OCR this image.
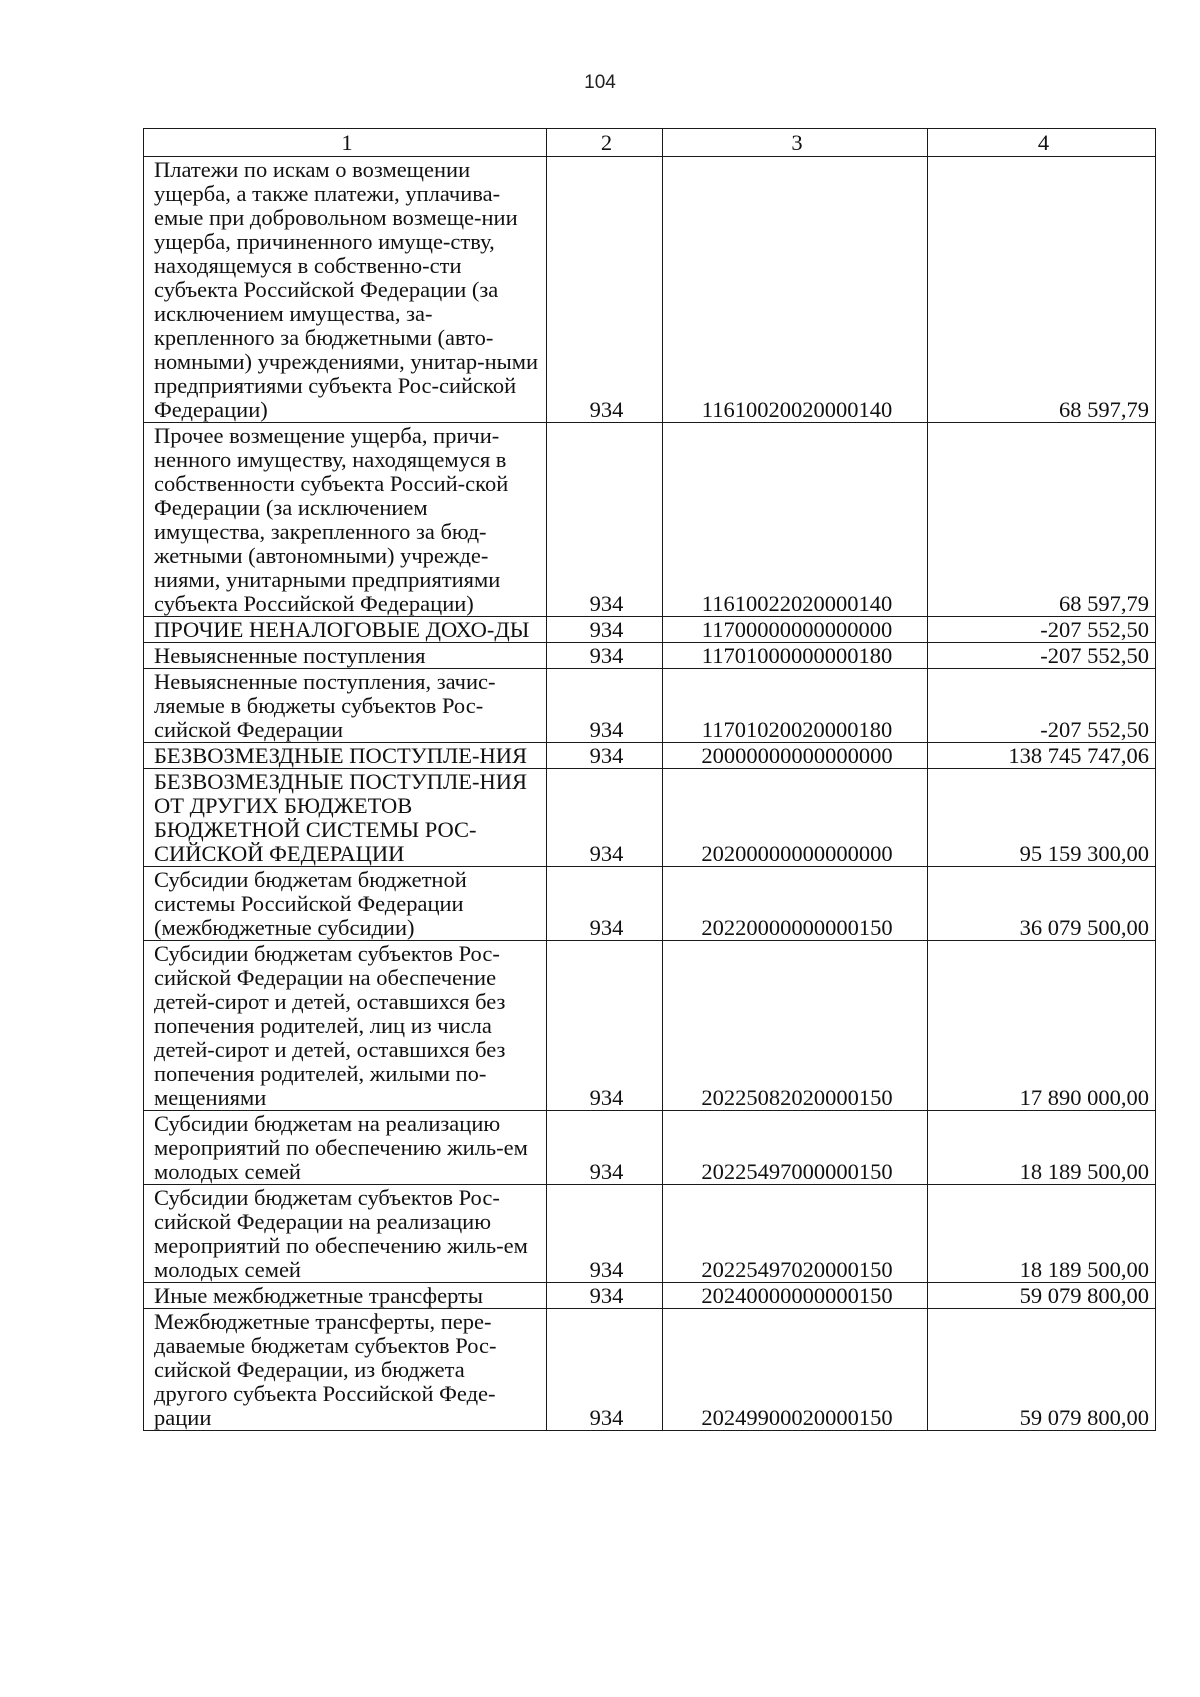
104
1	2	3	4
Платежи по искам о возмещении ущерба, а также платежи, уплачива-емые при добровольном возмеще-нии ущерба, причиненного имуще-ству, находящемуся в собственно-сти субъекта Российской Федерации (за исключением имущества, за-крепленного за бюджетными (авто-номными) учреждениями, унитар-ными предприятиями субъекта Рос-сийской Федерации)	934	11610020020000140	68 597,79
Прочее возмещение ущерба, причи-ненного имуществу, находящемуся в собственности субъекта Россий-ской Федерации (за исключением имущества, закрепленного за бюд-жетными (автономными) учрежде-ниями, унитарными предприятиями субъекта Российской Федерации)	934	11610022020000140	68 597,79
ПРОЧИЕ НЕНАЛОГОВЫЕ ДОХО-ДЫ	934	11700000000000000	-207 552,50
Невыясненные поступления	934	11701000000000180	-207 552,50
Невыясненные поступления, зачис-ляемые в бюджеты субъектов Рос-сийской Федерации	934	11701020020000180	-207 552,50
БЕЗВОЗМЕЗДНЫЕ ПОСТУПЛЕ-НИЯ	934	20000000000000000	138 745 747,06
БЕЗВОЗМЕЗДНЫЕ ПОСТУПЛЕ-НИЯ ОТ ДРУГИХ БЮДЖЕТОВ БЮДЖЕТНОЙ СИСТЕМЫ РОС-СИЙСКОЙ ФЕДЕРАЦИИ	934	20200000000000000	95 159 300,00
Субсидии бюджетам бюджетной системы Российской Федерации (межбюджетные субсидии)	934	20220000000000150	36 079 500,00
Субсидии бюджетам субъектов Рос-сийской Федерации на обеспечение детей-сирот и детей, оставшихся без попечения родителей, лиц из числа детей-сирот и детей, оставшихся без попечения родителей, жилыми по-мещениями	934	20225082020000150	17 890 000,00
Субсидии бюджетам на реализацию мероприятий по обеспечению жиль-ем молодых семей	934	20225497000000150	18 189 500,00
Субсидии бюджетам субъектов Рос-сийской Федерации на реализацию мероприятий по обеспечению жиль-ем молодых семей	934	20225497020000150	18 189 500,00
Иные межбюджетные трансферты	934	20240000000000150	59 079 800,00
Межбюджетные трансферты, пере-даваемые бюджетам субъектов Рос-сийской Федерации, из бюджета другого субъекта Российской Феде-рации	934	20249900020000150	59 079 800,00
